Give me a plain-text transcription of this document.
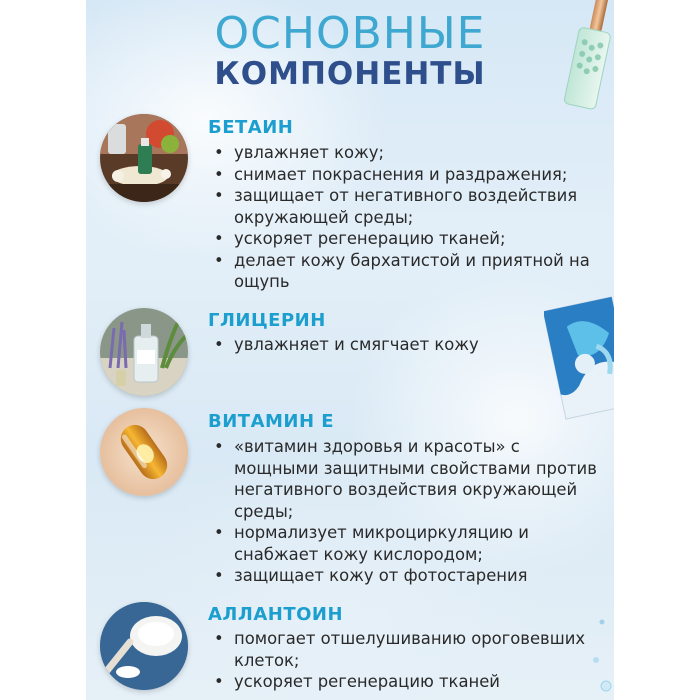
ОСНОВНЫЕ
КОМПОНЕНТЫ
БЕТАИН
• увлажняет кожу;
• снимает покраснения и раздражения;
• защищает от негативного воздействия окружающей среды;
• ускоряет регенерацию тканей;
• делает кожу бархатистой и приятной на ощупь
ГЛИЦЕРИН
• увлажняет и смягчает кожу
ВИТАМИН Е
• «витамин здоровья и красоты» с мощными защитными свойствами против негативного воздействия окружающей среды;
• нормализует микроциркуляцию и снабжает кожу кислородом;
• защищает кожу от фотостарения
АЛЛАНТОИН
• помогает отшелушиванию ороговевших клеток;
• ускоряет регенерацию тканей
